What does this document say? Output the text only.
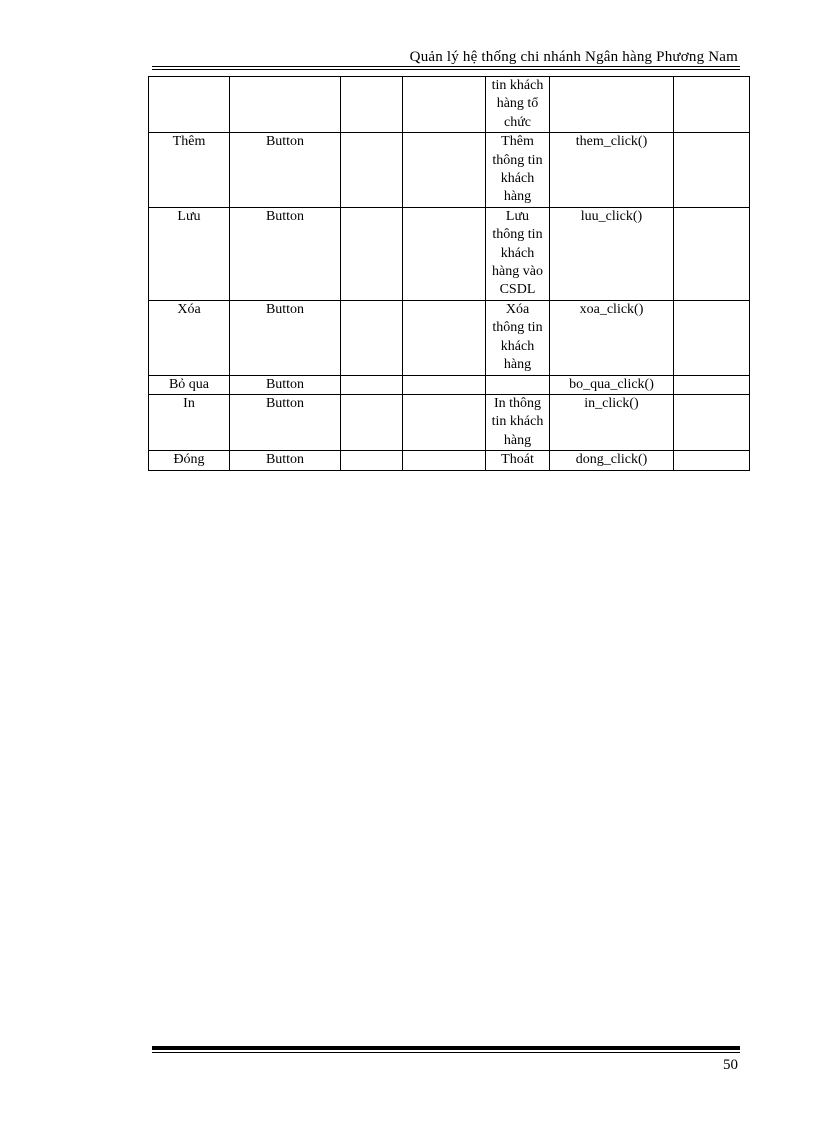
Quản lý hệ thống chi nhánh Ngân hàng Phương Nam
				tin khách hàng tổ chức		
Thêm	Button			Thêm thông tin khách hàng	them_click()	
Lưu	Button			Lưu thông tin khách hàng vào CSDL	luu_click()	
Xóa	Button			Xóa thông tin khách hàng	xoa_click()	
Bỏ qua	Button				bo_qua_click()	
In	Button			In thông tin khách hàng	in_click()	
Đóng	Button			Thoát	dong_click()	
50
